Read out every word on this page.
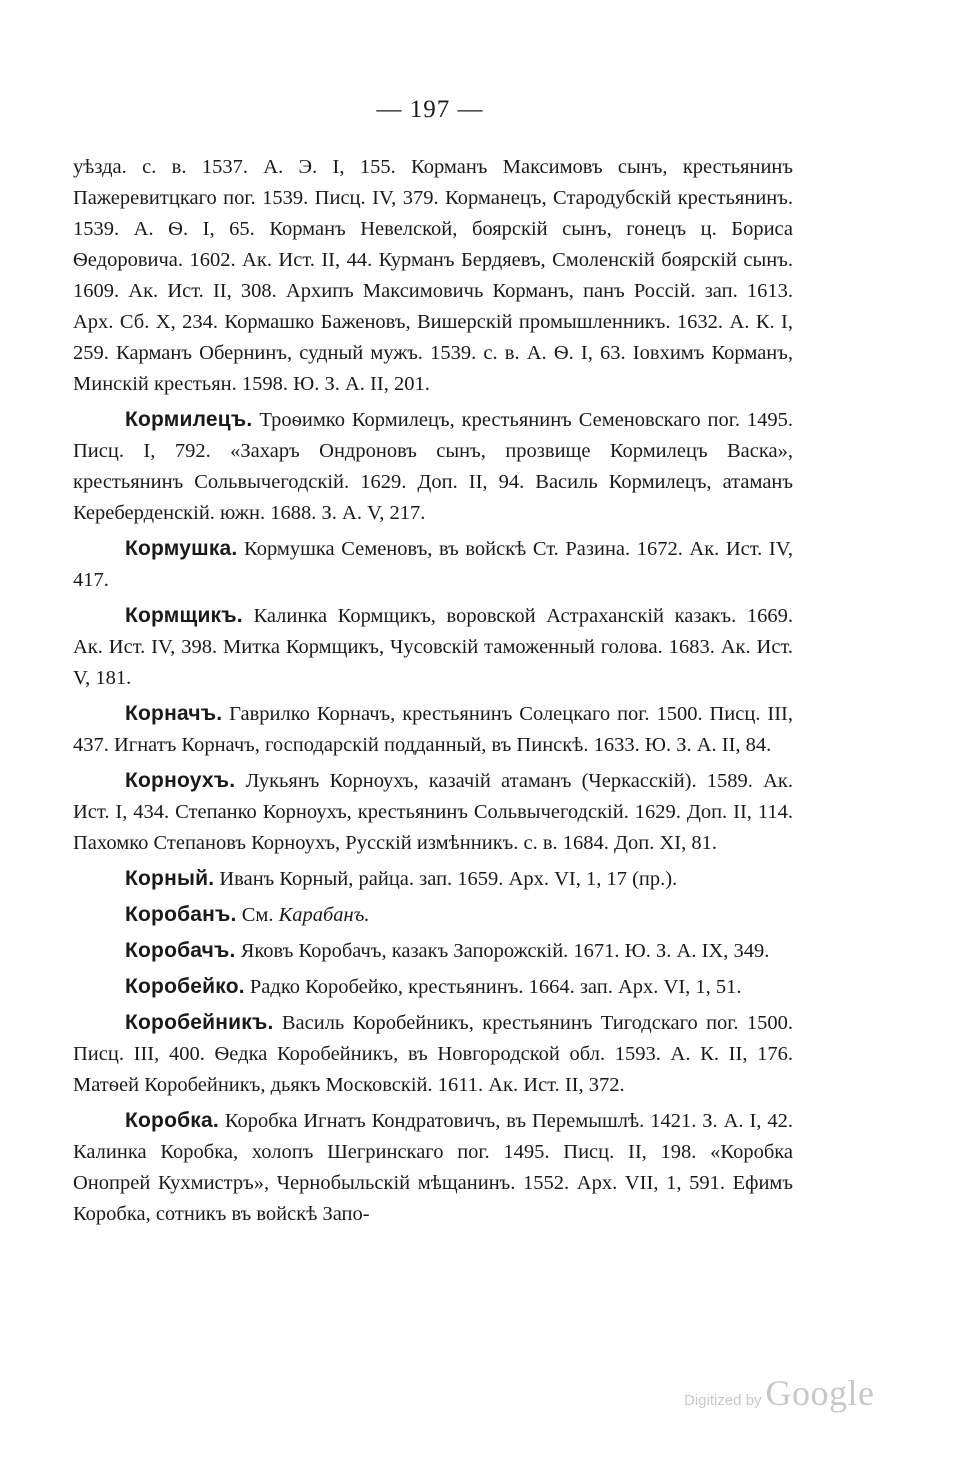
— 197 —

уѣзда. с. в. 1537. А. Э. I, 155. Корманъ Максимовъ сынъ, крестьянинъ Пажеревитцкаго пог. 1539. Писц. IV, 379. Корманецъ, Стародубскій крестьянинъ. 1539. А. Ѳ. I, 65. Корманъ Невелской, боярскій сынъ, гонецъ ц. Бориса Ѳедоровича. 1602. Ак. Ист. II, 44. Курманъ Бердяевъ, Смоленскій боярскій сынъ. 1609. Ак. Ист. II, 308. Архипъ Максимовичь Корманъ, панъ Россій. зап. 1613. Арх. Сб. X, 234. Кормашко Баженовъ, Вишерскій промышленникъ. 1632. А. К. I, 259. Карманъ Обернинъ, судный мужъ. 1539. с. в. А. Ѳ. I, 63. Іовхимъ Корманъ, Минскій крестьян. 1598. Ю. З. А. II, 201.

Кормилецъ. Троѳимко Кормилецъ, крестьянинъ Семеновскаго пог. 1495. Писц. I, 792. «Захаръ Ондроновъ сынъ, прозвище Кормилецъ Васка», крестьянинъ Сольвычегодскій. 1629. Доп. II, 94. Василь Кормилецъ, атаманъ Кереберденскій. южн. 1688. З. А. V, 217.

Кормушка. Кормушка Семеновъ, въ войскѣ Ст. Разина. 1672. Ак. Ист. IV, 417.

Кормщикъ. Калинка Кормщикъ, воровской Астраханскій казакъ. 1669. Ак. Ист. IV, 398. Митка Кормщикъ, Чусовскій таможенный голова. 1683. Ак. Ист. V, 181.

Корначъ. Гаврилко Корначъ, крестьянинъ Солецкаго пог. 1500. Писц. III, 437. Игнатъ Корначъ, господарскій подданный, въ Пинскѣ. 1633. Ю. З. А. II, 84.

Корноухъ. Лукьянъ Корноухъ, казачій атаманъ (Черкасскій). 1589. Ак. Ист. I, 434. Степанко Корноухъ, крестьянинъ Сольвычегодскій. 1629. Доп. II, 114. Пахомко Степановъ Корноухъ, Русскій измѣнникъ. с. в. 1684. Доп. XI, 81.

Корный. Иванъ Корный, райца. зап. 1659. Арх. VI, 1, 17 (пр.).

Коробанъ. См. Карабанъ.

Коробачъ. Яковъ Коробачъ, казакъ Запорожскій. 1671. Ю. З. А. IX, 349.

Коробейко. Радко Коробейко, крестьянинъ. 1664. зап. Арх. VI, 1, 51.

Коробейникъ. Василь Коробейникъ, крестьянинъ Тигодскаго пог. 1500. Писц. III, 400. Ѳедка Коробейникъ, въ Новгородской обл. 1593. А. К. II, 176. Матѳей Коробейникъ, дьякъ Московскій. 1611. Ак. Ист. II, 372.

Коробка. Коробка Игнатъ Кондратовичъ, въ Перемышлѣ. 1421. З. А. I, 42. Калинка Коробка, холопъ Шегринскаго пог. 1495. Писц. II, 198. «Коробка Онопрей Кухмистръ», Чернобыльскій мѣщанинъ. 1552. Арх. VII, 1, 591. Ефимъ Коробка, сотникъ въ войскѣ Запо-

Digitized by Google
